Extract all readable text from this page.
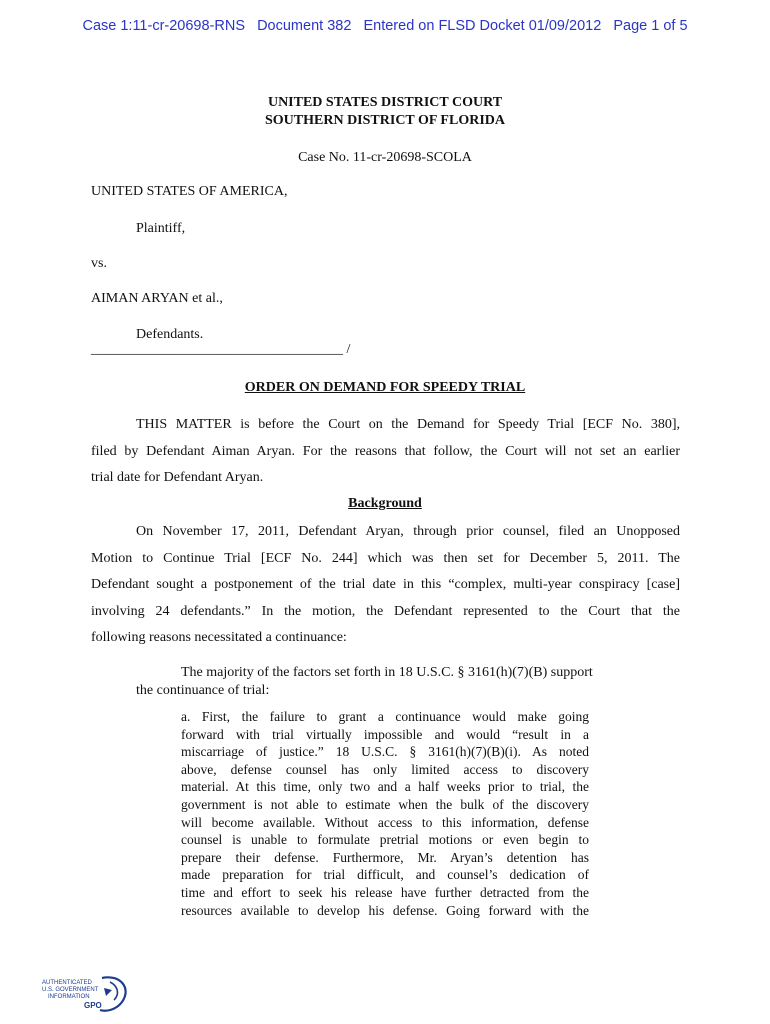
Case 1:11-cr-20698-RNS   Document 382   Entered on FLSD Docket 01/09/2012   Page 1 of 5
UNITED STATES DISTRICT COURT
SOUTHERN DISTRICT OF FLORIDA
Case No. 11-cr-20698-SCOLA
UNITED STATES OF AMERICA,
Plaintiff,
vs.
AIMAN ARYAN et al.,
Defendants.
____________________________________ /
ORDER ON DEMAND FOR SPEEDY TRIAL
THIS MATTER is before the Court on the Demand for Speedy Trial [ECF No. 380],
filed by Defendant Aiman Aryan. For the reasons that follow, the Court will not set an earlier
trial date for Defendant Aryan.
Background
On November 17, 2011, Defendant Aryan, through prior counsel, filed an Unopposed
Motion to Continue Trial [ECF No. 244] which was then set for December 5, 2011. The
Defendant sought a postponement of the trial date in this “complex, multi-year conspiracy [case]
involving 24 defendants.” In the motion, the Defendant represented to the Court that the
following reasons necessitated a continuance:
The majority of the factors set forth in 18 U.S.C. § 3161(h)(7)(B) support
the continuance of trial:
a. First, the failure to grant a continuance would make going
forward with trial virtually impossible and would “result in a
miscarriage of justice.” 18 U.S.C. § 3161(h)(7)(B)(i). As noted
above, defense counsel has only limited access to discovery
material. At this time, only two and a half weeks prior to trial, the
government is not able to estimate when the bulk of the discovery
will become available. Without access to this information, defense
counsel is unable to formulate pretrial motions or even begin to
prepare their defense. Furthermore, Mr. Aryan’s detention has
made preparation for trial difficult, and counsel’s dedication of
time and effort to seek his release have further detracted from the
resources available to develop his defense. Going forward with the
AUTHENTICATED
U.S. GOVERNMENT
INFORMATION
GPO
